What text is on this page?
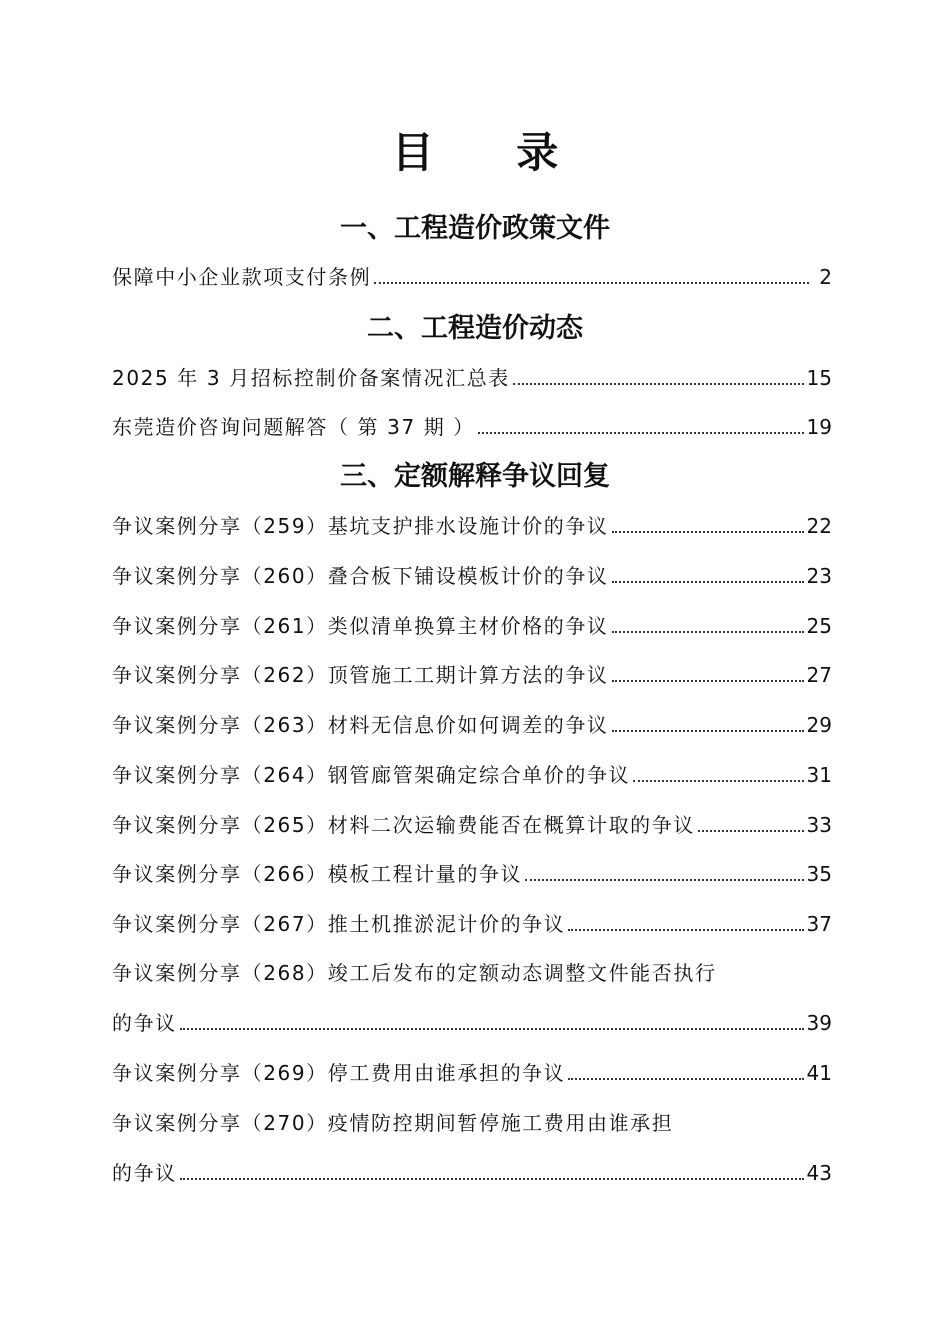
目 录
一、工程造价政策文件
保障中小企业款项支付条例	2
二、工程造价动态
2025 年 3 月招标控制价备案情况汇总表	15
东莞造价咨询问题解答（ 第 37 期 ）	19
三、定额解释争议回复
争议案例分享（259）基坑支护排水设施计价的争议	22
争议案例分享（260）叠合板下铺设模板计价的争议	23
争议案例分享（261）类似清单换算主材价格的争议	25
争议案例分享（262）顶管施工工期计算方法的争议	27
争议案例分享（263）材料无信息价如何调差的争议	29
争议案例分享（264）钢管廊管架确定综合单价的争议	31
争议案例分享（265）材料二次运输费能否在概算计取的争议	33
争议案例分享（266）模板工程计量的争议	35
争议案例分享（267）推土机推淤泥计价的争议	37
争议案例分享（268）竣工后发布的定额动态调整文件能否执行
的争议	39
争议案例分享（269）停工费用由谁承担的争议	41
争议案例分享（270）疫情防控期间暂停施工费用由谁承担
的争议	43
